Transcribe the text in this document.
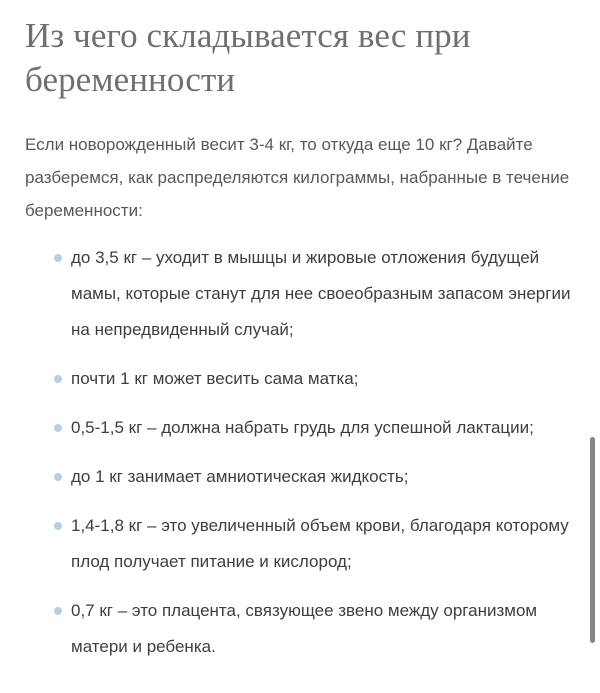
Из чего складывается вес при беременности

Если новорожденный весит 3-4 кг, то откуда еще 10 кг? Давайте разберемся, как распределяются килограммы, набранные в течение беременности:

до 3,5 кг – уходит в мышцы и жировые отложения будущей мамы, которые станут для нее своеобразным запасом энергии на непредвиденный случай;
почти 1 кг может весить сама матка;
0,5-1,5 кг – должна набрать грудь для успешной лактации;
до 1 кг занимает амниотическая жидкость;
1,4-1,8 кг – это увеличенный объем крови, благодаря которому плод получает питание и кислород;
0,7 кг – это плацента, связующее звено между организмом матери и ребенка.
